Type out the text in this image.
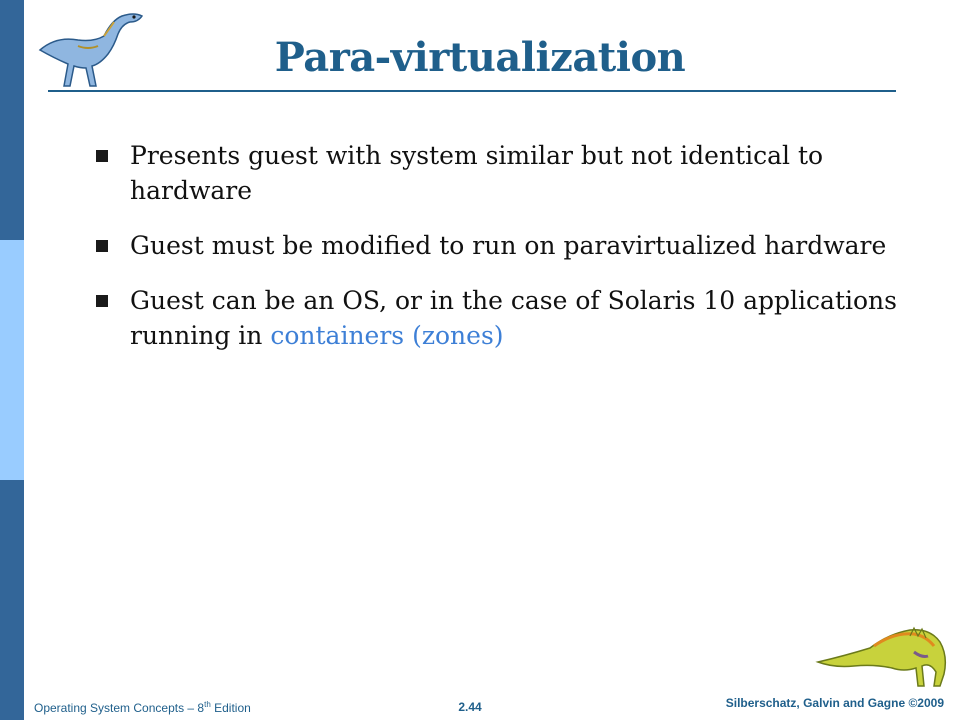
Para-virtualization
Presents guest with system similar but not identical to hardware
Guest must be modified to run on paravirtualized hardware
Guest can be an OS, or in the case of Solaris 10 applications running in containers (zones)
Operating System Concepts – 8th Edition	2.44	Silberschatz, Galvin and Gagne ©2009
